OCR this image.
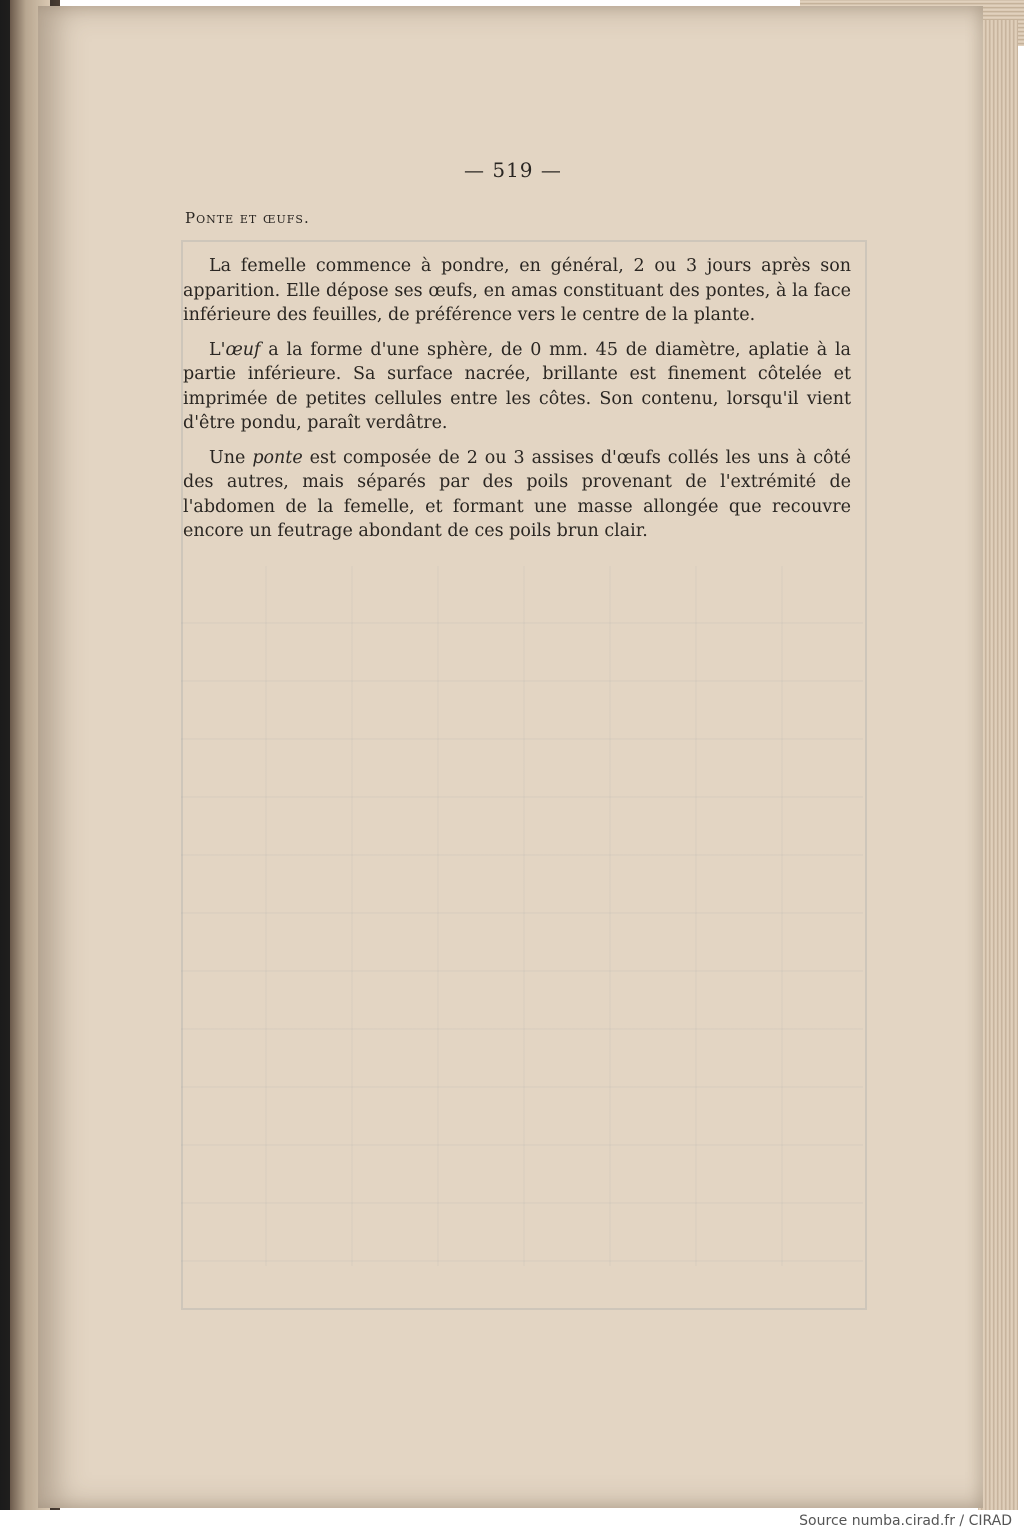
— 519 —
Ponte et œufs.

La femelle commence à pondre, en général, 2 ou 3 jours après son apparition. Elle dépose ses œufs, en amas constituant des pontes, à la face inférieure des feuilles, de préférence vers le centre de la plante.

L'œuf a la forme d'une sphère, de 0 mm. 45 de diamètre, aplatie à la partie inférieure. Sa surface nacrée, brillante est finement côtelée et imprimée de petites cellules entre les côtes. Son contenu, lorsqu'il vient d'être pondu, paraît verdâtre.

Une ponte est composée de 2 ou 3 assises d'œufs collés les uns à côté des autres, mais séparés par des poils provenant de l'extrémité de l'abdomen de la femelle, et formant une masse allongée que recouvre encore un feutrage abondant de ces poils brun clair.

Source numba.cirad.fr / CIRAD
